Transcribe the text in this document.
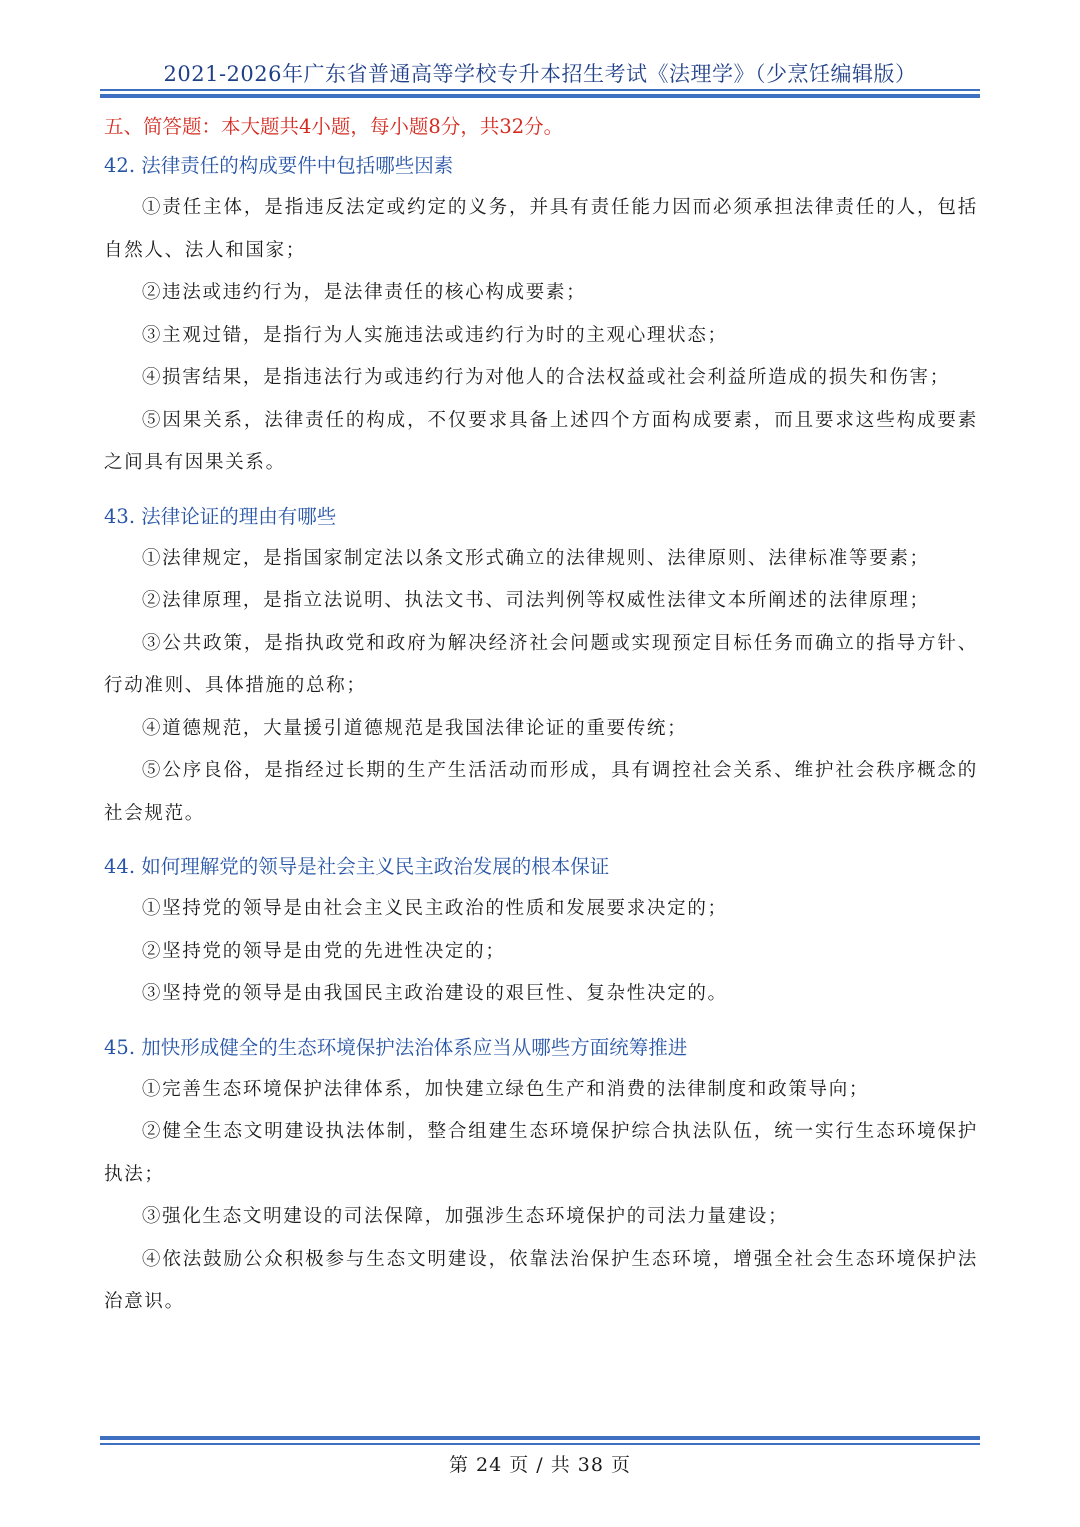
2021-2026年广东省普通高等学校专升本招生考试《法理学》（少烹饪编辑版）

五、简答题：本大题共4小题，每小题8分，共32分。

42. 法律责任的构成要件中包括哪些因素

①责任主体，是指违反法定或约定的义务，并具有责任能力因而必须承担法律责任的人，包括自然人、法人和国家；

②违法或违约行为，是法律责任的核心构成要素；

③主观过错，是指行为人实施违法或违约行为时的主观心理状态；

④损害结果，是指违法行为或违约行为对他人的合法权益或社会利益所造成的损失和伤害；

⑤因果关系，法律责任的构成，不仅要求具备上述四个方面构成要素，而且要求这些构成要素之间具有因果关系。

43. 法律论证的理由有哪些

①法律规定，是指国家制定法以条文形式确立的法律规则、法律原则、法律标准等要素；

②法律原理，是指立法说明、执法文书、司法判例等权威性法律文本所阐述的法律原理；

③公共政策，是指执政党和政府为解决经济社会问题或实现预定目标任务而确立的指导方针、行动准则、具体措施的总称；

④道德规范，大量援引道德规范是我国法律论证的重要传统；

⑤公序良俗，是指经过长期的生产生活活动而形成，具有调控社会关系、维护社会秩序概念的社会规范。

44. 如何理解党的领导是社会主义民主政治发展的根本保证

①坚持党的领导是由社会主义民主政治的性质和发展要求决定的；

②坚持党的领导是由党的先进性决定的；

③坚持党的领导是由我国民主政治建设的艰巨性、复杂性决定的。

45. 加快形成健全的生态环境保护法治体系应当从哪些方面统筹推进

①完善生态环境保护法律体系，加快建立绿色生产和消费的法律制度和政策导向；

②健全生态文明建设执法体制，整合组建生态环境保护综合执法队伍，统一实行生态环境保护执法；

③强化生态文明建设的司法保障，加强涉生态环境保护的司法力量建设；

④依法鼓励公众积极参与生态文明建设，依靠法治保护生态环境，增强全社会生态环境保护法治意识。

第 24 页 / 共 38 页
